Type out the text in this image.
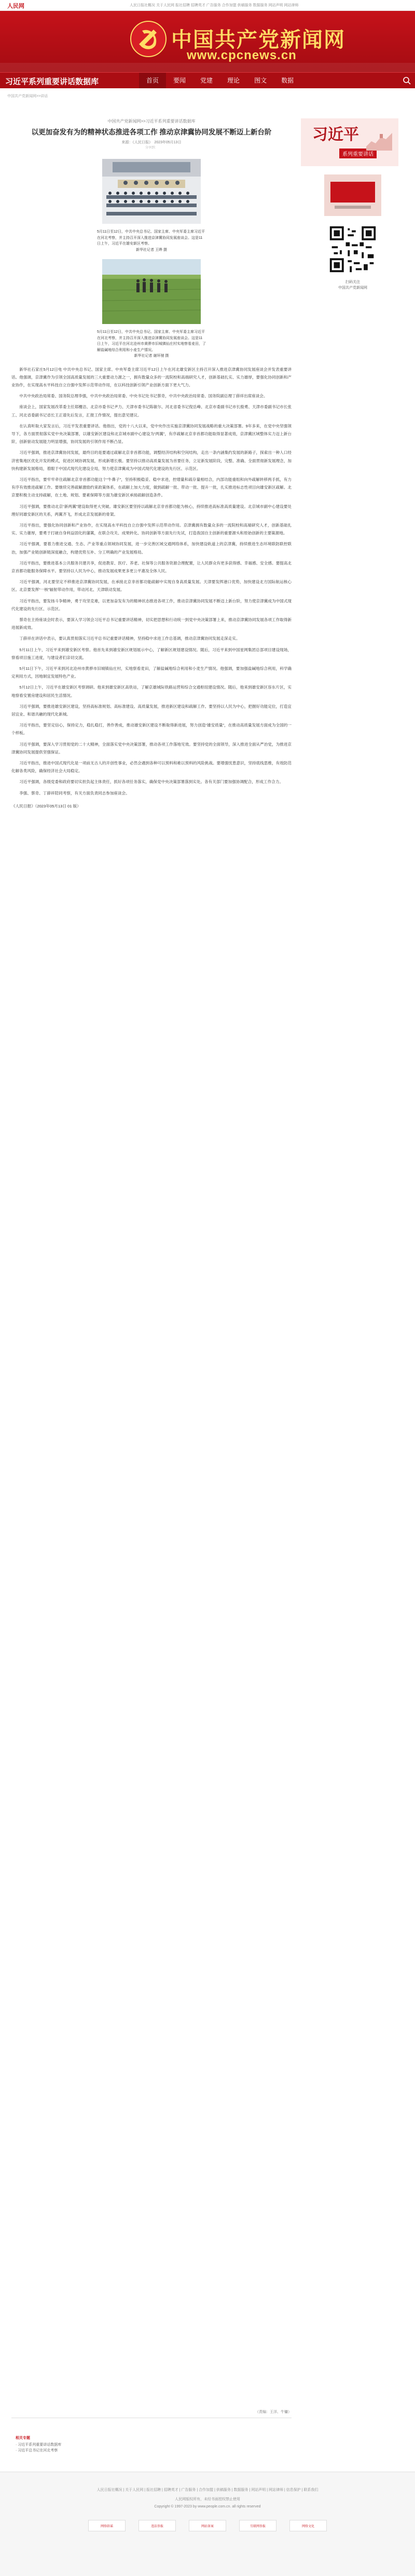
人民网	人民日报社概况 关于人民网 报社招聘 招聘英才 广告服务 合作加盟 供稿服务 数据服务 网站声明 网站律师
中国共产党新闻网
www.cpcnews.cn
习近平系列重要讲话数据库	首页	要闻	党建	理论	图文	数据
中国共产党新闻网>>讲话
中国共产党新闻网>>习近平系列重要讲话数据库
以更加奋发有为的精神状态推进各项工作 推动京津冀协同发展不断迈上新台阶
来源：《人民日报》　2023年05月13日
分享到：
5月11日至12日，中共中央总书记、国家主席、中央军委主席习近平在河北考察，并主持召开深入推进京津冀协同发展座谈会。这是11日上午，习近平在雄安新区考察。
新华社记者 王晔 摄
5月11日至12日，中共中央总书记、国家主席、中央军委主席习近平在河北考察，并主持召开深入推进京津冀协同发展座谈会。这是11日上午，习近平在河北沧州市黄骅市旧城镇仙庄村实地察看麦田，了解盐碱地综合利用和小麦生产情况。
新华社记者 谢环驰 摄

新华社石家庄5月12日电 中共中央总书记、国家主席、中央军委主席习近平12日上午在河北雄安新区主持召开深入推进京津冀协同发展座谈会并发表重要讲话。他强调，京津冀作为引领全国高质量发展的三大重要动力源之一，拥有数量众多的一流院校和高端研究人才，创新基础扎实、实力雄厚，要强化协同创新和产业协作，在实现高水平科技自立自强中发挥示范带动作用，在以科技创新引领产业创新方面下更大气力。

中共中央政治局常委、国务院总理李强，中共中央政治局常委、中央书记处书记蔡奇，中共中央政治局常委、国务院副总理丁薛祥出席座谈会。

座谈会上，国家发展改革委主任郑栅洁、北京市委书记尹力、天津市委书记陈敏尔、河北省委书记倪岳峰、北京市委副书记市长殷勇、天津市委副书记市长张工、河北省委副书记省长王正谱先后发言，汇报工作情况，提出意见建议。

在认真听取大家发言后，习近平发表重要讲话。他指出，党的十八大以来，党中央作出实施京津冀协同发展战略的重大决策部署。9年多来，在党中央坚强领导下，各方面贯彻落实党中央决策部署，以雄安新区建设和北京城市副中心建设为“两翼”，有序疏解北京非首都功能取得显著成效，京津冀区域整体实力迈上新台阶，创新驱动发展能力明显增强，协同发展的引领作用不断凸显。

习近平强调，推进京津冀协同发展，最终目的是要通过疏解北京非首都功能，调整经济结构和空间结构，走出一条内涵集约发展的新路子，探索出一种人口经济密集地区优化开发的模式，促进区域协调发展，形成新增长极。要坚持以推动高质量发展为首要任务，立足新发展阶段，完整、准确、全面贯彻新发展理念，加快构建新发展格局，着眼于中国式现代化建设全局，努力使京津冀成为中国式现代化建设的先行区、示范区。

习近平指出，要牢牢牵住疏解北京非首都功能这个“牛鼻子”，坚持积极稳妥、稳中求进，控增量和疏存量相结合，内部功能重组和向外疏解转移两手抓，有力有序有效推进疏解工作。要继续完善疏解激励约束政策体系，在疏解上加大力度，做到疏解一批、带动一批、提升一批，扎实推进标志性项目向雄安新区疏解。北京要积极主动支持疏解，在土地、规划、要素保障等方面为雄安新区承接疏解创造条件。

习近平强调，要推动北京“新两翼”建设取得更大突破。雄安新区要坚持以疏解北京非首都功能为核心，持续推进高标准高质量建设。北京城市副中心建设要处理好同雄安新区的关系，两翼齐飞，形成北京发展新的骨架。

习近平指出，要强化协同创新和产业协作，在实现高水平科技自立自强中发挥示范带动作用。京津冀拥有数量众多的一流院校和高端研究人才，创新基础扎实、实力雄厚，要勇于打破自身利益固化的藩篱，在联合攻关、成果转化、协同创新等方面先行先试，打造我国自主创新的重要源头和原始创新的主要策源地。

习近平强调，要着力推进交通、生态、产业等重点领域协同发展，进一步完善区域交通网络体系，加快建设轨道上的京津冀，持续推进生态环境联防联控联治，加强产业链创新链深度融合，构建优势互补、分工明确的产业发展格局。

习近平指出，要推进基本公共服务共建共享，促进教育、医疗、养老、社保等公共服务资源合理配置，让人民群众有更多获得感、幸福感、安全感。要提高北京首都功能服务保障水平。要坚持以人民为中心，推动发展成果更多更公平惠及全体人民。

习近平强调，河北要坚定不移推进京津冀协同发展，在承接北京非首都功能疏解中实现自身高质量发展。天津要发挥港口优势，加快建设北方国际航运核心区。北京要发挥“一核”辐射带动作用，带动河北、天津联动发展。

习近平指出，要发扬斗争精神，勇于攻坚克难，以更加奋发有为的精神状态推进各项工作，推动京津冀协同发展不断迈上新台阶，努力使京津冀成为中国式现代化建设的先行区、示范区。

蔡奇在主持座谈会时表示，要深入学习领会习近平总书记重要讲话精神，切实把思想和行动统一到党中央决策部署上来，推动京津冀协同发展各项工作取得新进展新成效。

丁薛祥在讲话中表示，要认真贯彻落实习近平总书记重要讲话精神，坚持稳中求进工作总基调，推动京津冀协同发展走深走实。

5月11日上午，习近平来到雄安新区考察。他首先来到雄安新区规划展示中心，了解新区规划建设情况。随后，习近平来到中国星网集团总部项目建设现场，察看项目施工进度，与建设者们亲切交流。

5月11日下午，习近平来到河北沧州市黄骅市旧城镇仙庄村，实地察看麦田，了解盐碱地综合利用和小麦生产情况。他强调，要加强盐碱地综合利用，科学确定利用方式，因地制宜发展特色产业。

5月12日上午，习近平在雄安新区考察调研。他来到雄安新区高铁站，了解京雄城际铁路运营和综合交通枢纽建设情况。随后，他来到雄安新区容东片区，实地察看安置房建设和居民生活情况。

习近平强调，要推进雄安新区建设，坚持高标准规划、高标准建设、高质量发展，推进新区建设和疏解工作。要坚持以人民为中心，把握好功能定位，打造宜居宜业、和谐共融的现代化新城。

习近平指出，要坚定信心，保持定力，稳扎稳打，善作善成，推动雄安新区建设不断取得新进展，努力创造“雄安质量”，在推动高质量发展方面成为全国的一个样板。

习近平强调，要深入学习贯彻党的二十大精神，全面落实党中央决策部署，推动各项工作落地见效。要坚持党的全面领导，深入推进全面从严治党，为推进京津冀协同发展提供坚强保证。

习近平指出，推进中国式现代化是一项前无古人的开创性事业，必然会遇到各种可以预料和难以预料的风险挑战。要增强忧患意识，坚持底线思维，有效防范化解各类风险，确保经济社会大局稳定。

习近平强调，各级党委和政府要切实担负起主体责任，抓好各项任务落实，确保党中央决策部署落到实处。各有关部门要加强协调配合，形成工作合力。

李强、蔡奇、丁薛祥陪同考察，有关方面负责同志参加座谈会。

《人民日报》（2023年05月13日 01 版）

（责编：王洋、牛镛）
习近平
系列重要讲话
扫码关注
中国共产党新闻网
相关专题
· 习近平系列重要讲话数据库
· 习近平总书记在河北考察
人民日报社概况 | 关于人民网 | 报社招聘 | 招聘英才 | 广告服务 | 合作加盟 | 供稿服务 | 数据服务 | 网站声明 | 网站律师 | 信息保护 | 联系我们
人民网版权所有，未经书面授权禁止使用
Copyright © 1997-2023 by www.people.com.cn. all rights reserved
网络辟谣	违法举报	网站备案	互联网举报	网络文化
